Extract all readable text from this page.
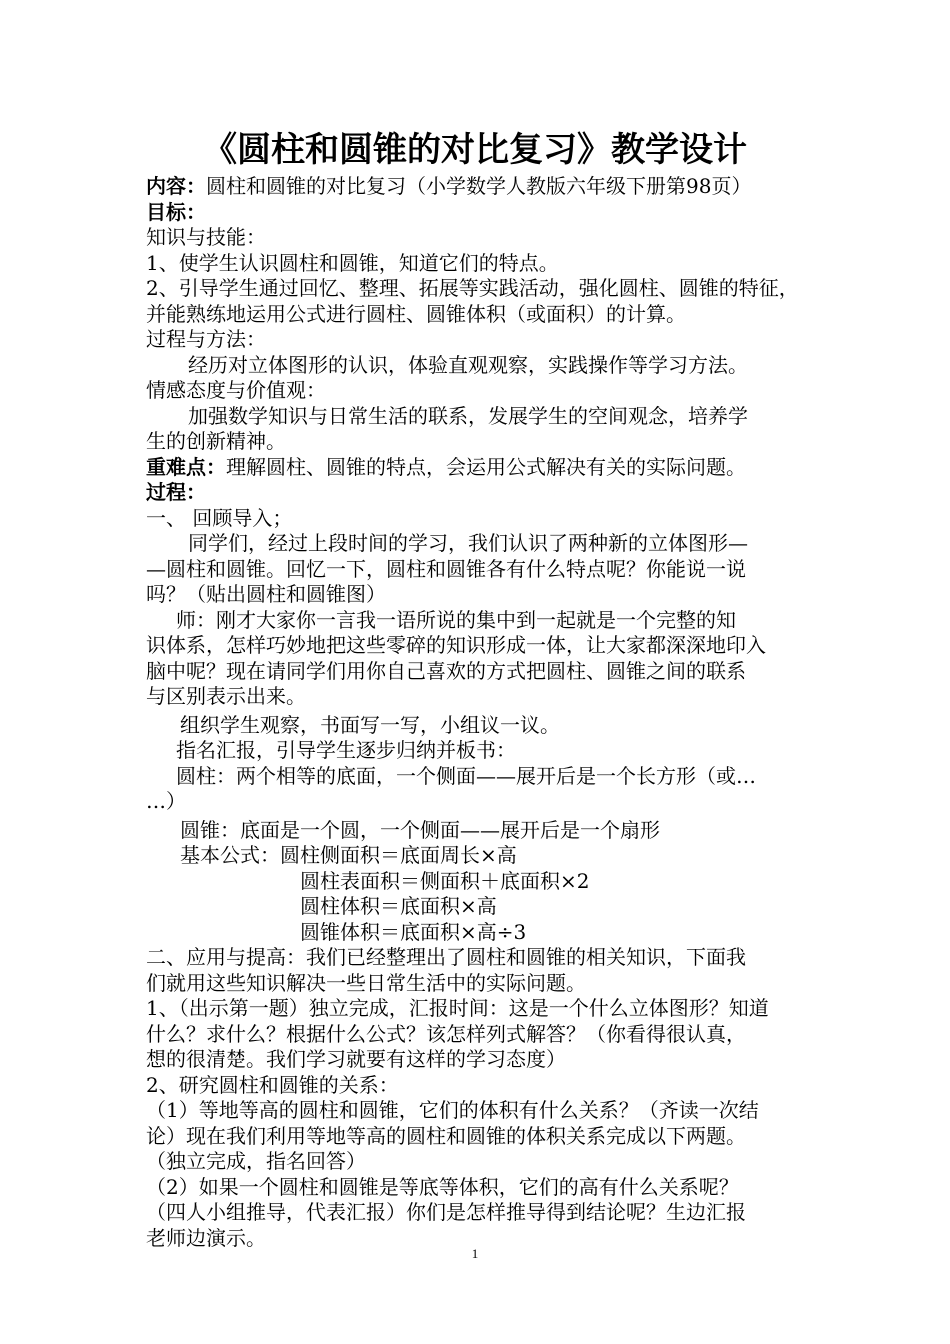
《圆柱和圆锥的对比复习》教学设计
内容：圆柱和圆锥的对比复习（小学数学人教版六年级下册第98页）
目标：
知识与技能：
1、使学生认识圆柱和圆锥，知道它们的特点。
2、引导学生通过回忆、整理、拓展等实践活动，强化圆柱、圆锥的特征，
并能熟练地运用公式进行圆柱、圆锥体积（或面积）的计算。
过程与方法：
经历对立体图形的认识，体验直观观察，实践操作等学习方法。
情感态度与价值观：
加强数学知识与日常生活的联系，发展学生的空间观念，培养学
生的创新精神。
重难点：理解圆柱、圆锥的特点，会运用公式解决有关的实际问题。
过程：
一、 回顾导入；
同学们，经过上段时间的学习，我们认识了两种新的立体图形—
—圆柱和圆锥。回忆一下，圆柱和圆锥各有什么特点呢？你能说一说
吗？（贴出圆柱和圆锥图）
师：刚才大家你一言我一语所说的集中到一起就是一个完整的知
识体系，怎样巧妙地把这些零碎的知识形成一体，让大家都深深地印入
脑中呢？现在请同学们用你自己喜欢的方式把圆柱、圆锥之间的联系
与区别表示出来。
组织学生观察，书面写一写，小组议一议。
指名汇报，引导学生逐步归纳并板书：
圆柱：两个相等的底面，一个侧面——展开后是一个长方形（或…
…）
圆锥：底面是一个圆，一个侧面——展开后是一个扇形
基本公式：圆柱侧面积＝底面周长×高
圆柱表面积＝侧面积＋底面积×2
圆柱体积＝底面积×高
圆锥体积＝底面积×高÷3
二、应用与提高：我们已经整理出了圆柱和圆锥的相关知识，下面我
们就用这些知识解决一些日常生活中的实际问题。
1、（出示第一题）独立完成，汇报时间：这是一个什么立体图形？知道
什么？求什么？根据什么公式？该怎样列式解答？（你看得很认真，
想的很清楚。我们学习就要有这样的学习态度）
2、研究圆柱和圆锥的关系：
（1）等地等高的圆柱和圆锥，它们的体积有什么关系？（齐读一次结
论）现在我们利用等地等高的圆柱和圆锥的体积关系完成以下两题。
（独立完成，指名回答）
（2）如果一个圆柱和圆锥是等底等体积，它们的高有什么关系呢？
（四人小组推导，代表汇报）你们是怎样推导得到结论呢？生边汇报
老师边演示。
1
